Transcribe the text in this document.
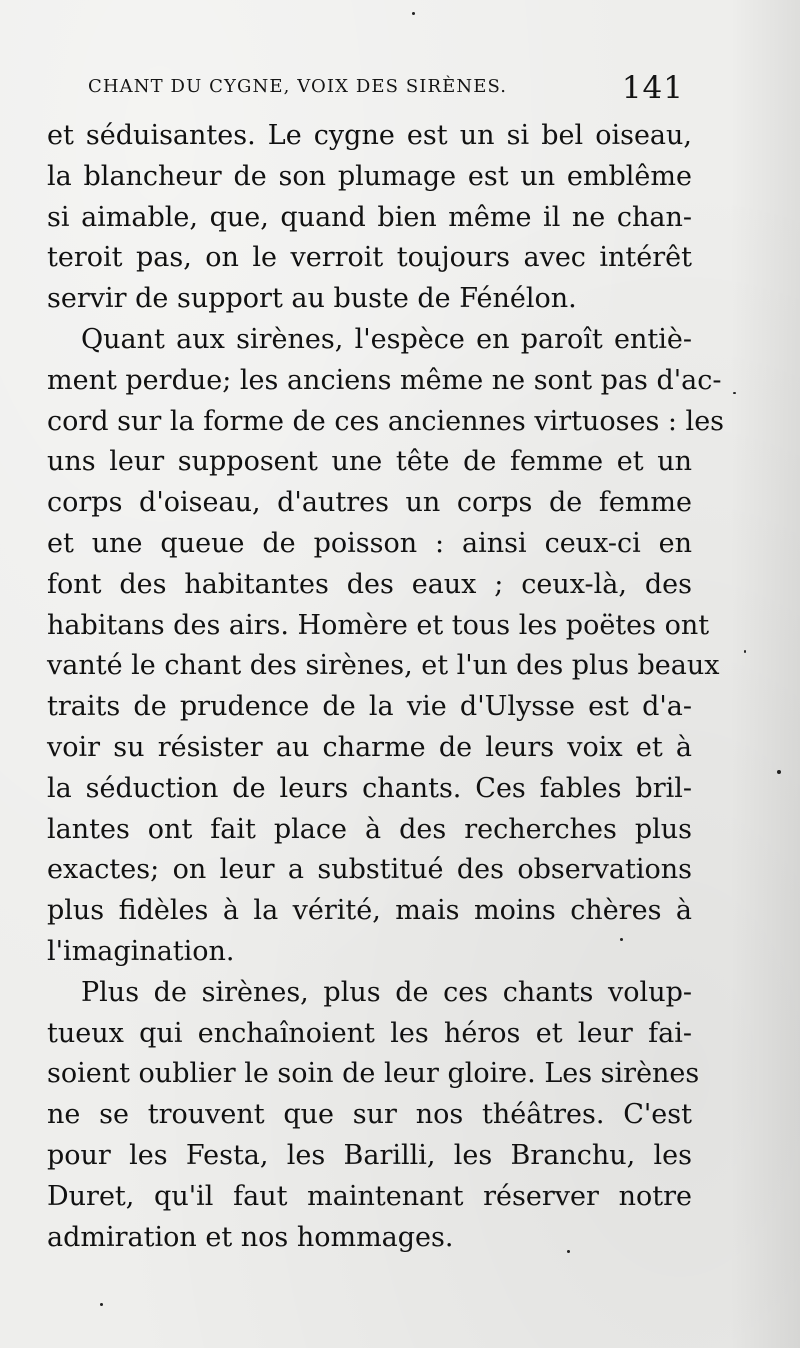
CHANT DU CYGNE, VOIX DES SIRÈNES.	141
et séduisantes. Le cygne est un si bel oiseau,
la blancheur de son plumage est un emblême
si aimable, que, quand bien même il ne chan-
teroit pas, on le verroit toujours avec intérêt
servir de support au buste de Fénélon.
Quant aux sirènes, l'espèce en paroît entiè-
ment perdue; les anciens même ne sont pas d'ac-
cord sur la forme de ces anciennes virtuoses : les
uns leur supposent une tête de femme et un
corps d'oiseau, d'autres un corps de femme
et une queue de poisson : ainsi ceux-ci en
font des habitantes des eaux ; ceux-là, des
habitans des airs. Homère et tous les poëtes ont
vanté le chant des sirènes, et l'un des plus beaux
traits de prudence de la vie d'Ulysse est d'a-
voir su résister au charme de leurs voix et à
la séduction de leurs chants. Ces fables bril-
lantes ont fait place à des recherches plus
exactes; on leur a substitué des observations
plus fidèles à la vérité, mais moins chères à
l'imagination.
Plus de sirènes, plus de ces chants volup-
tueux qui enchaînoient les héros et leur fai-
soient oublier le soin de leur gloire. Les sirènes
ne se trouvent que sur nos théâtres. C'est
pour les Festa, les Barilli, les Branchu, les
Duret, qu'il faut maintenant réserver notre
admiration et nos hommages.
